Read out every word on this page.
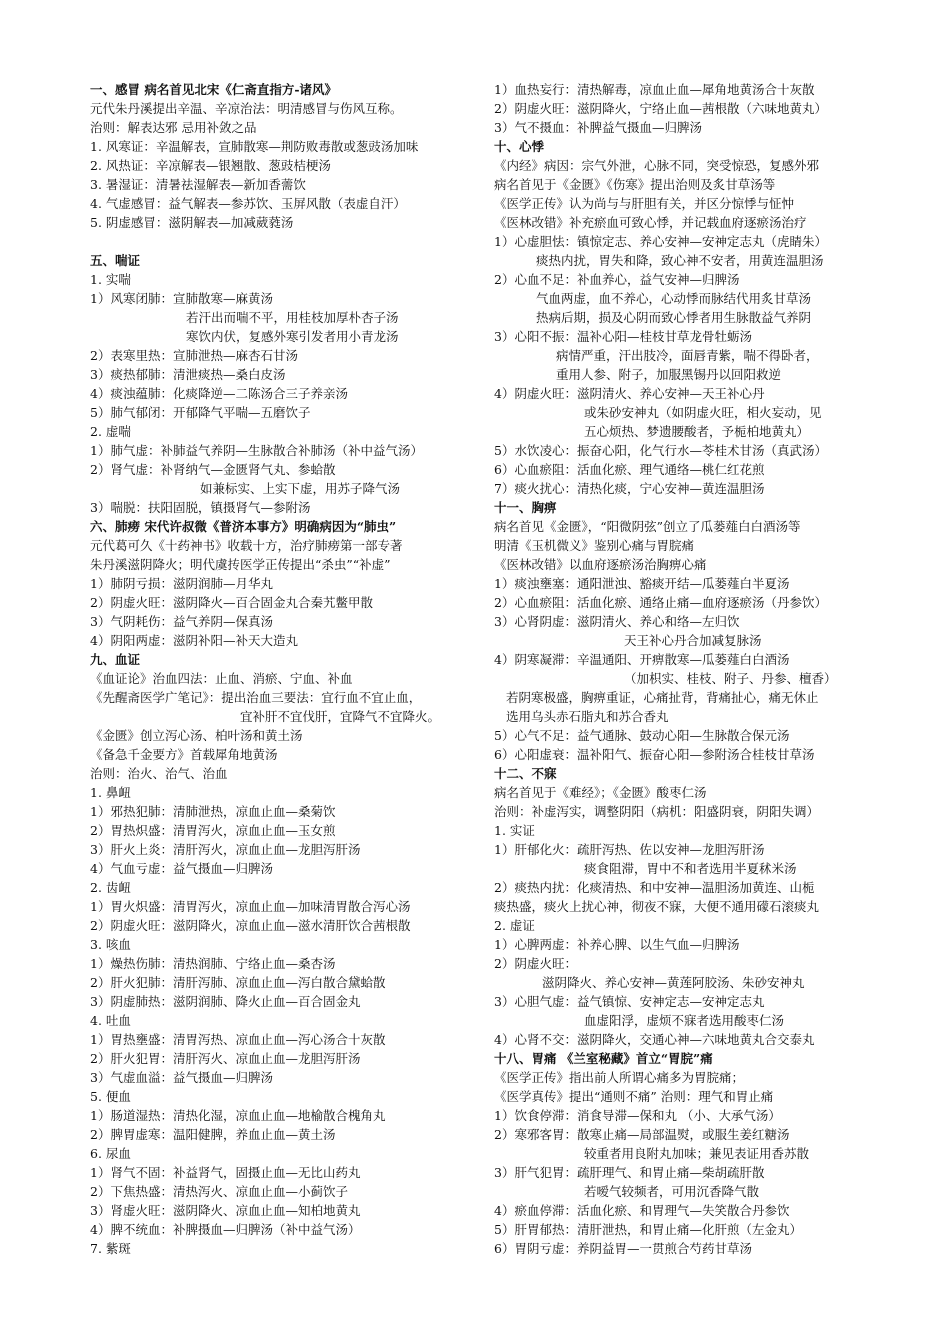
一、感冒 病名首见北宋《仁斋直指方-诸风》
元代朱丹溪提出辛温、辛凉治法：明清感冒与伤风互称。
治则：解表达邪 忌用补敛之品
1. 风寒证：辛温解表，宣肺散寒—荆防败毒散或葱豉汤加味
2. 风热证：辛凉解表—银翘散、葱豉桔梗汤
3. 暑湿证：清暑祛湿解表—新加香薷饮
4. 气虚感冒：益气解表—参苏饮、玉屏风散（表虚自汗）
5. 阴虚感冒：滋阴解表—加减葳蕤汤
五、喘证
1. 实喘
1）风寒闭肺：宣肺散寒—麻黄汤
若汗出而喘不平，用桂枝加厚朴杏子汤
寒饮内伏，复感外寒引发者用小青龙汤
2）表寒里热：宣肺泄热—麻杏石甘汤
3）痰热郁肺：清泄痰热—桑白皮汤
4）痰浊蕴肺：化痰降逆—二陈汤合三子养亲汤
5）肺气郁闭：开郁降气平喘—五磨饮子
2. 虚喘
1）肺气虚：补肺益气养阴—生脉散合补肺汤（补中益气汤）
2）肾气虚：补肾纳气—金匮肾气丸、参蛤散
如兼标实、上实下虚，用苏子降气汤
3）喘脱：扶阳固脱，镇摄肾气—参附汤
六、肺痨 宋代许叔微《普济本事方》明确病因为“肺虫”
元代葛可久《十药神书》收载十方，治疗肺痨第一部专著
朱丹溪滋阴降火；明代虞抟医学正传提出“杀虫”“补虚”
1）肺阴亏损：滋阴润肺—月华丸
2）阴虚火旺：滋阴降火—百合固金丸合秦艽鳖甲散
3）气阴耗伤：益气养阴—保真汤
4）阴阳两虚：滋阴补阳—补天大造丸
九、血证
《血证论》治血四法：止血、消瘀、宁血、补血
《先醒斋医学广笔记》：提出治血三要法：宜行血不宜止血，
宜补肝不宜伐肝，宜降气不宜降火。
《金匮》创立泻心汤、柏叶汤和黄土汤
《备急千金要方》首载犀角地黄汤
治则：治火、治气、治血
1. 鼻衄
1）邪热犯肺：清肺泄热，凉血止血—桑菊饮
2）胃热炽盛：清胃泻火，凉血止血—玉女煎
3）肝火上炎：清肝泻火，凉血止血—龙胆泻肝汤
4）气血亏虚：益气摄血—归脾汤
2. 齿衄
1）胃火炽盛：清胃泻火，凉血止血—加味清胃散合泻心汤
2）阴虚火旺：滋阴降火，凉血止血—滋水清肝饮合茜根散
3. 咳血
1）燥热伤肺：清热润肺、宁络止血—桑杏汤
2）肝火犯肺：清肝泻肺、凉血止血—泻白散合黛蛤散
3）阴虚肺热：滋阴润肺、降火止血—百合固金丸
4. 吐血
1）胃热壅盛：清胃泻热、凉血止血—泻心汤合十灰散
2）肝火犯胃：清肝泻火、凉血止血—龙胆泻肝汤
3）气虚血溢：益气摄血—归脾汤
5. 便血
1）肠道湿热：清热化湿，凉血止血—地榆散合槐角丸
2）脾胃虚寒：温阳健脾，养血止血—黄土汤
6. 尿血
1）肾气不固：补益肾气，固摄止血—无比山药丸
2）下焦热盛：清热泻火、凉血止血—小蓟饮子
3）肾虚火旺：滋阴降火、凉血止血—知柏地黄丸
4）脾不统血：补脾摄血—归脾汤（补中益气汤）
7. 紫斑
1）血热妄行：清热解毒，凉血止血—犀角地黄汤合十灰散
2）阴虚火旺：滋阴降火，宁络止血—茜根散（六味地黄丸）
3）气不摄血：补脾益气摄血—归脾汤
十、心悸
《内经》病因：宗气外泄，心脉不同，突受惊恐，复感外邪
病名首见于《金匮》《伤寒》提出治则及炙甘草汤等
《医学正传》认为尚与与肝胆有关，并区分惊悸与怔忡
《医林改错》补充瘀血可致心悸，并记载血府逐瘀汤治疗
1）心虚胆怯：镇惊定志、养心安神—安神定志丸（虎睛朱）
痰热内扰，胃失和降，致心神不安者，用黄连温胆汤
2）心血不足：补血养心，益气安神—归脾汤
气血两虚，血不养心，心动悸而脉结代用炙甘草汤
热病后期，损及心阴而致心悸者用生脉散益气养阴
3）心阳不振：温补心阳—桂枝甘草龙骨牡蛎汤
病情严重，汗出肢冷，面唇青紫，喘不得卧者，
重用人参、附子，加服黑锡丹以回阳救逆
4）阴虚火旺：滋阴清火、养心安神—天王补心丹
或朱砂安神丸（如阴虚火旺，相火妄动，见
五心烦热、梦遗腰酸者，予栀柏地黄丸）
5）水饮凌心：振奋心阳，化气行水—苓桂术甘汤（真武汤）
6）心血瘀阻：活血化瘀、理气通络—桃仁红花煎
7）痰火扰心：清热化痰，宁心安神—黄连温胆汤
十一、胸痹
病名首见《金匮》，“阳微阴弦”创立了瓜蒌薤白白酒汤等
明清《玉机微义》鉴别心痛与胃脘痛
《医林改错》以血府逐瘀汤治胸痹心痛
1）痰浊壅塞：通阳泄浊、豁痰开结—瓜蒌薤白半夏汤
2）心血瘀阻：活血化瘀、通络止痛—血府逐瘀汤（丹参饮）
3）心肾阴虚：滋阴清火、养心和络—左归饮
天王补心丹合加减复脉汤
4）阴寒凝滞：辛温通阳、开痹散寒—瓜蒌薤白白酒汤
（加枳实、桂枝、附子、丹参、檀香）
若阴寒极盛，胸痹重证，心痛扯背，背痛扯心，痛无休止
选用乌头赤石脂丸和苏合香丸
5）心气不足：益气通脉、鼓动心阳—生脉散合保元汤
6）心阳虚衰：温补阳气、振奋心阳—参附汤合桂枝甘草汤
十二、不寐
病名首见于《难经》；《金匮》酸枣仁汤
治则：补虚泻实，调整阴阳（病机：阳盛阴衰，阴阳失调）
1. 实证
1）肝郁化火：疏肝泻热、佐以安神—龙胆泻肝汤
痰食阻滞，胃中不和者选用半夏秫米汤
2）痰热内扰：化痰清热、和中安神—温胆汤加黄连、山栀
痰热盛，痰火上扰心神，彻夜不寐，大便不通用礞石滚痰丸
2. 虚证
1）心脾两虚：补养心脾、以生气血—归脾汤
2）阴虚火旺：
滋阴降火、养心安神—黄莲阿胶汤、朱砂安神丸
3）心胆气虚：益气镇惊、安神定志—安神定志丸
血虚阳浮，虚烦不寐者选用酸枣仁汤
4）心肾不交：滋阴降火，交通心神—六味地黄丸合交泰丸
十八、胃痛 《兰室秘藏》首立“胃脘”痛
《医学正传》指出前人所谓心痛多为胃脘痛；
《医学真传》提出“通则不痛” 治则：理气和胃止痛
1）饮食停滞：消食导滞—保和丸 （小、大承气汤）
2）寒邪客胃：散寒止痛—局部温熨，或服生姜红糖汤
较重者用良附丸加味；兼见表证用香苏散
3）肝气犯胃：疏肝理气、和胃止痛—柴胡疏肝散
若嗳气较频者，可用沉香降气散
4）瘀血停滞：活血化瘀、和胃理气—失笑散合丹参饮
5）肝胃郁热：清肝泄热，和胃止痛—化肝煎（左金丸）
6）胃阴亏虚：养阴益胃—一贯煎合芍药甘草汤
